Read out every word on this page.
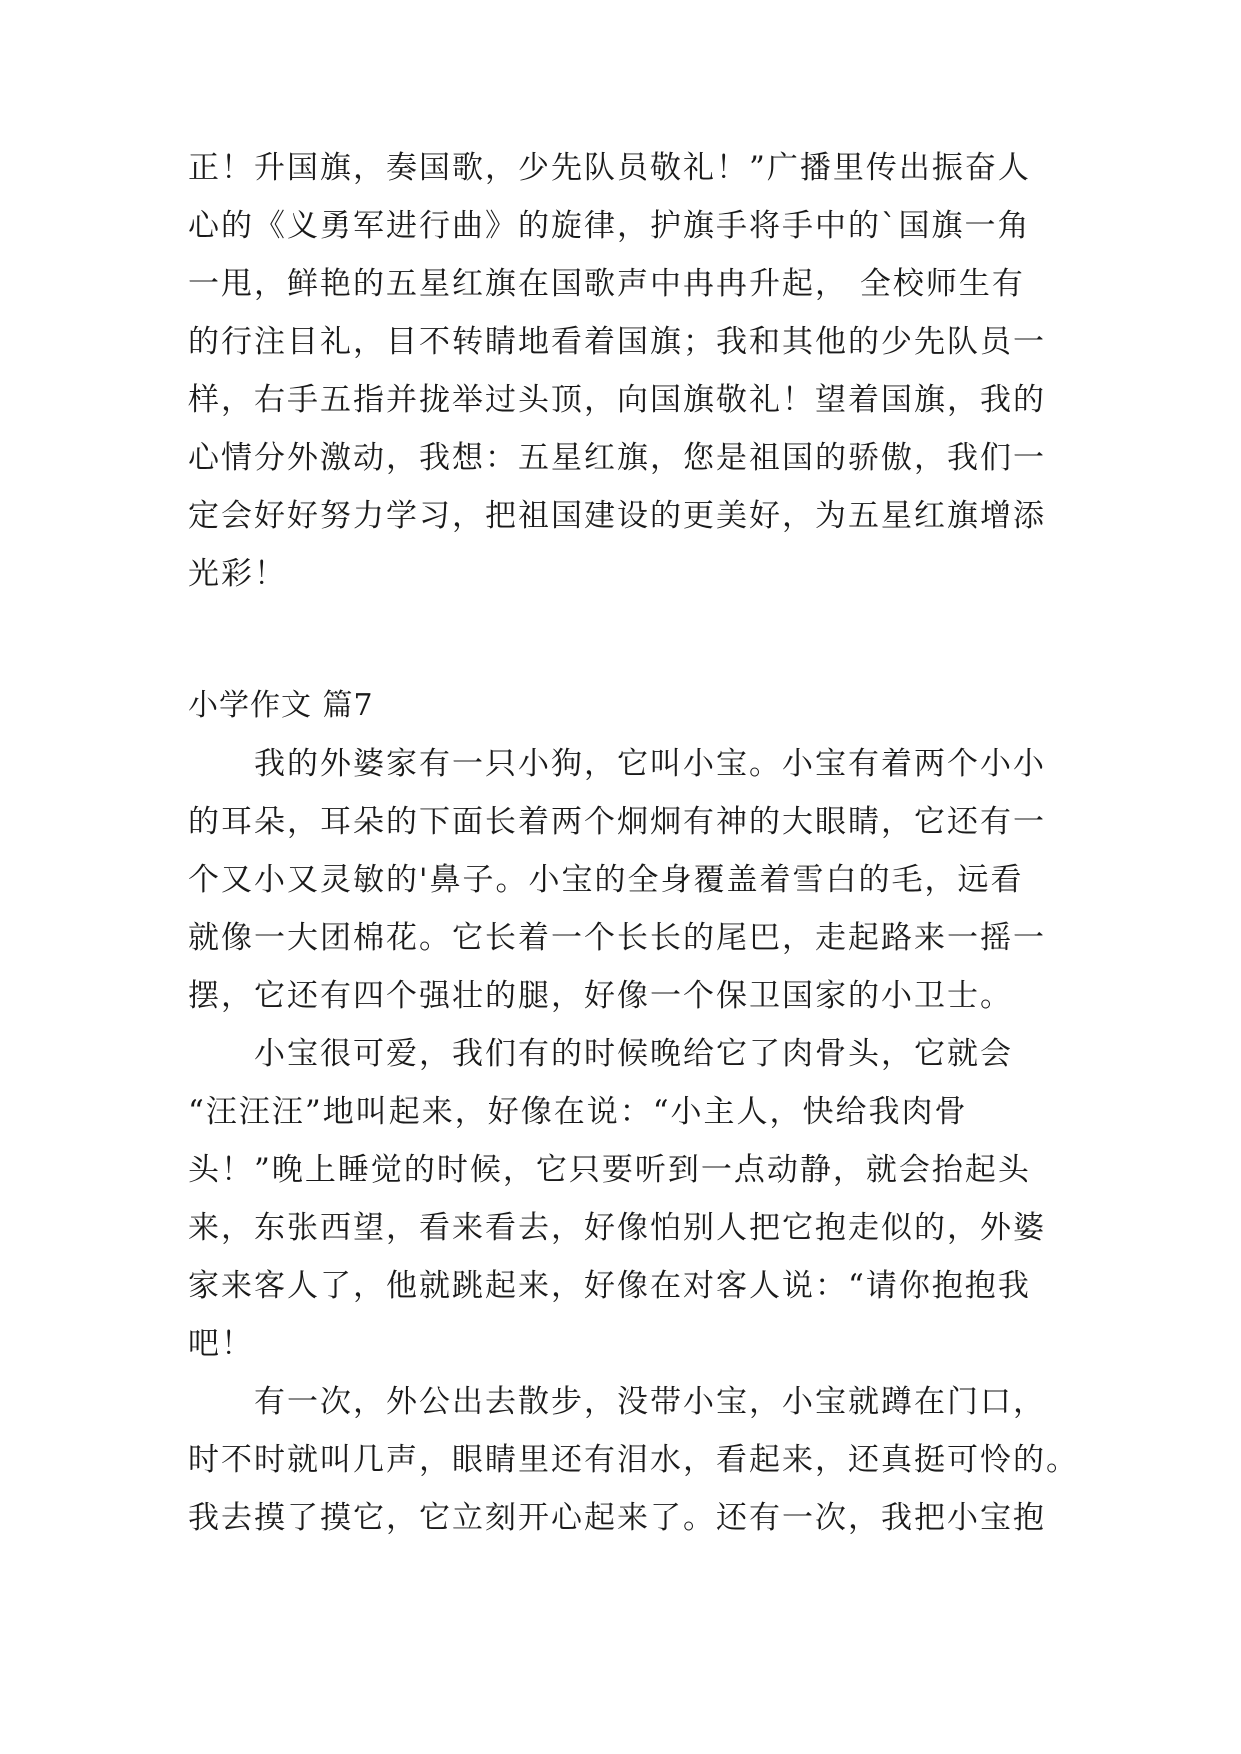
正！升国旗，奏国歌，少先队员敬礼！”广播里传出振奋人
心的《义勇军进行曲》的旋律，护旗手将手中的`国旗一角
一甩，鲜艳的五星红旗在国歌声中冉冉升起， 全校师生有
的行注目礼，目不转睛地看着国旗；我和其他的少先队员一
样，右手五指并拢举过头顶，向国旗敬礼！望着国旗，我的
心情分外激动，我想：五星红旗，您是祖国的骄傲，我们一
定会好好努力学习，把祖国建设的更美好，为五星红旗增添
光彩！
小学作文 篇7
　　我的外婆家有一只小狗，它叫小宝。小宝有着两个小小
的耳朵，耳朵的下面长着两个炯炯有神的大眼睛，它还有一
个又小又灵敏的'鼻子。小宝的全身覆盖着雪白的毛，远看
就像一大团棉花。它长着一个长长的尾巴，走起路来一摇一
摆，它还有四个强壮的腿，好像一个保卫国家的小卫士。
　　小宝很可爱，我们有的时候晚给它了肉骨头，它就会
“汪汪汪”地叫起来，好像在说：“小主人，快给我肉骨
头！”晚上睡觉的时候，它只要听到一点动静，就会抬起头
来，东张西望，看来看去，好像怕别人把它抱走似的，外婆
家来客人了，他就跳起来，好像在对客人说：“请你抱抱我
吧！
　　有一次，外公出去散步，没带小宝，小宝就蹲在门口，
时不时就叫几声，眼睛里还有泪水，看起来，还真挺可怜的。
我去摸了摸它，它立刻开心起来了。还有一次，我把小宝抱
